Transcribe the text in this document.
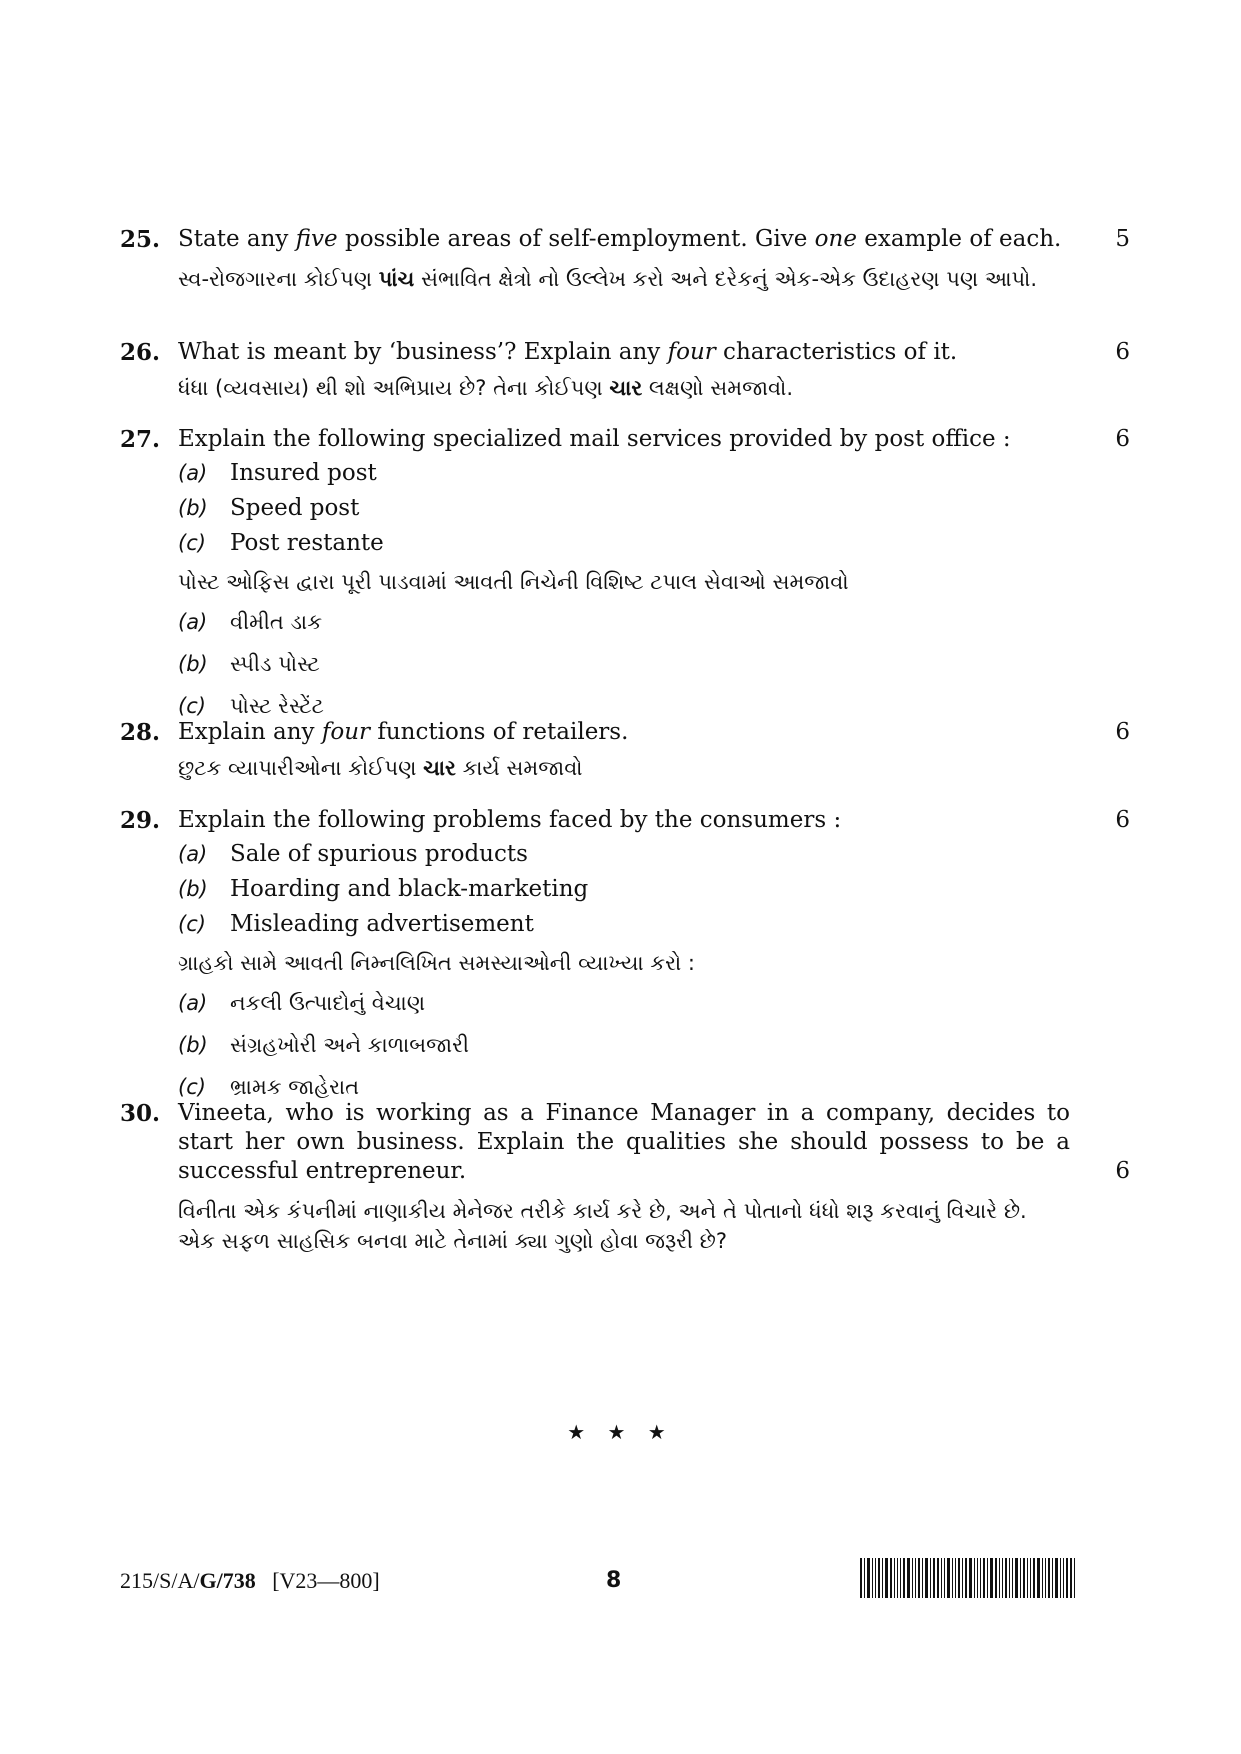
25. State any five possible areas of self-employment. Give one example of each.	5
સ્વ-રોજગારના કોઈપણ પાંચ સંભાવિત ક્ષેત્રો નો ઉલ્લેખ કરો અને દરેકનું એક-એક ઉદાહરણ પણ આપો.
26. What is meant by ‘business’? Explain any four characteristics of it.	6
ધંધા (વ્યવસાય) થી શો અભિપ્રાય છે? તેના કોઈપણ ચાર લક્ષણો સમજાવો.
27. Explain the following specialized mail services provided by post office :	6
(a) Insured post
(b) Speed post
(c)	Post restante
પોસ્ટ ઓફિસ દ્વારા પૂરી પાડવામાં આવતી નિચેની વિશિષ્ટ ટપાલ સેવાઓ સમજાવો
(a)	વીમીત ડાક
(b)	સ્પીડ પોસ્ટ
(c)	પોસ્ટ રેસ્ટેંટ
28. Explain any four functions of retailers.	6
છુટક વ્યાપારીઓના કોઈપણ ચાર કાર્ય સમજાવો
29. Explain the following problems faced by the consumers :	6
(a) Sale of spurious products
(b) Hoarding and black-marketing
(c)	Misleading advertisement
ગ્રાહકો સામે આવતી નિમ્નલિખિત સમસ્યાઓની વ્યાખ્યા કરો :
(a)	નકલી ઉત્પાદોનું વેચાણ
(b)	સંગ્રહખોરી અને કાળાબજારી
(c)	ભ્રામક જાહેરાત
30. Vineeta, who is working as a Finance Manager in a company, decides to start her own business. Explain the qualities she should possess to be a successful entrepreneur.	6
વિનીતા એક કંપનીમાં નાણાકીય મેનેજર તરીકે કાર્ય કરે છે, અને તે પોતાનો ધંધો શરૂ કરવાનું વિચારે છે. એક સફળ સાહસિક બનવા માટે તેનામાં ક્યા ગુણો હોવા જરૂરી છે?
★ ★ ★
215/S/A/G/738 [V23—800]	8
